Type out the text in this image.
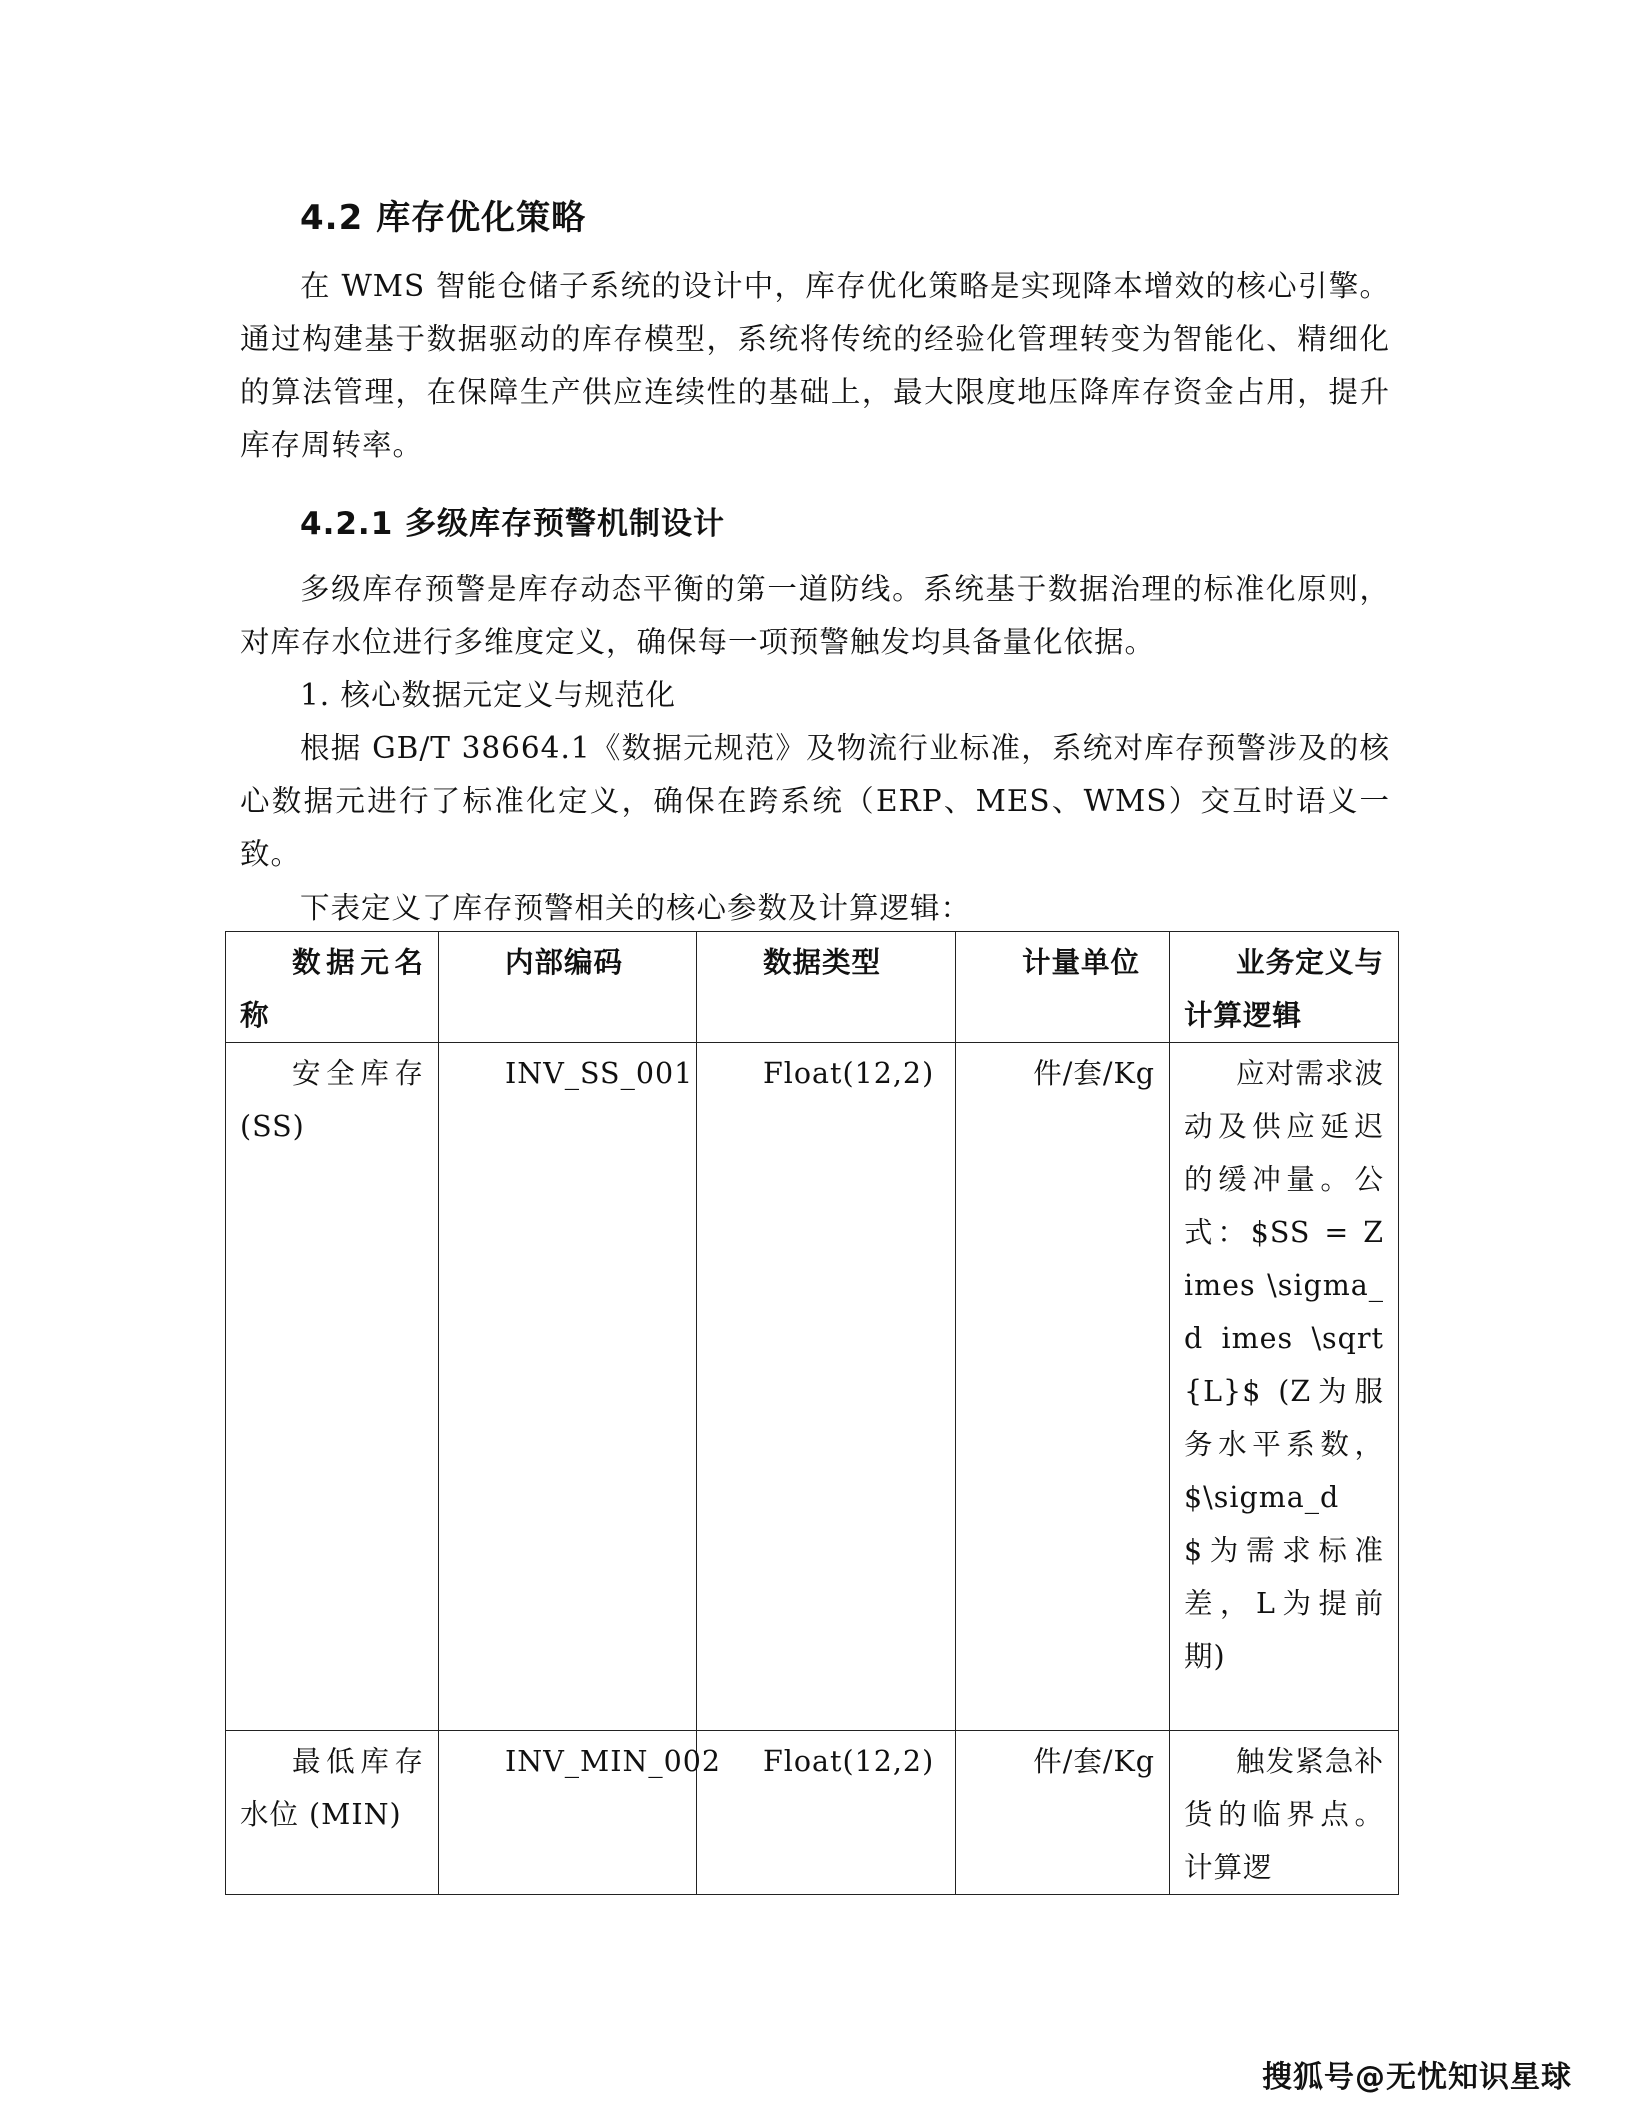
4.2 库存优化策略

在 WMS 智能仓储子系统的设计中，库存优化策略是实现降本增效的核心引擎。通过构建基于数据驱动的库存模型，系统将传统的经验化管理转变为智能化、精细化的算法管理，在保障生产供应连续性的基础上，最大限度地压降库存资金占用，提升库存周转率。

4.2.1 多级库存预警机制设计

多级库存预警是库存动态平衡的第一道防线。系统基于数据治理的标准化原则，对库存水位进行多维度定义，确保每一项预警触发均具备量化依据。

1. 核心数据元定义与规范化

根据 GB/T 38664.1《数据元规范》及物流行业标准，系统对库存预警涉及的核心数据元进行了标准化定义，确保在跨系统（ERP、MES、WMS）交互时语义一致。

下表定义了库存预警相关的核心参数及计算逻辑：

数据元名称	内部编码	数据类型	计量单位	业务定义与计算逻辑
安全库存(SS)	INV_SS_001	Float(12,2)	件/套/Kg	应对需求波动及供应延迟的缓冲量。公式：$SS = Z imes \sigma_d imes \sqrt{L}$ (Z为服务水平系数，$\sigma_d$为需求标准差，L为提前期)
最低库存水位 (MIN)	INV_MIN_002	Float(12,2)	件/套/Kg	触发紧急补货的临界点。计算逻
搜狐号@无忧知识星球
